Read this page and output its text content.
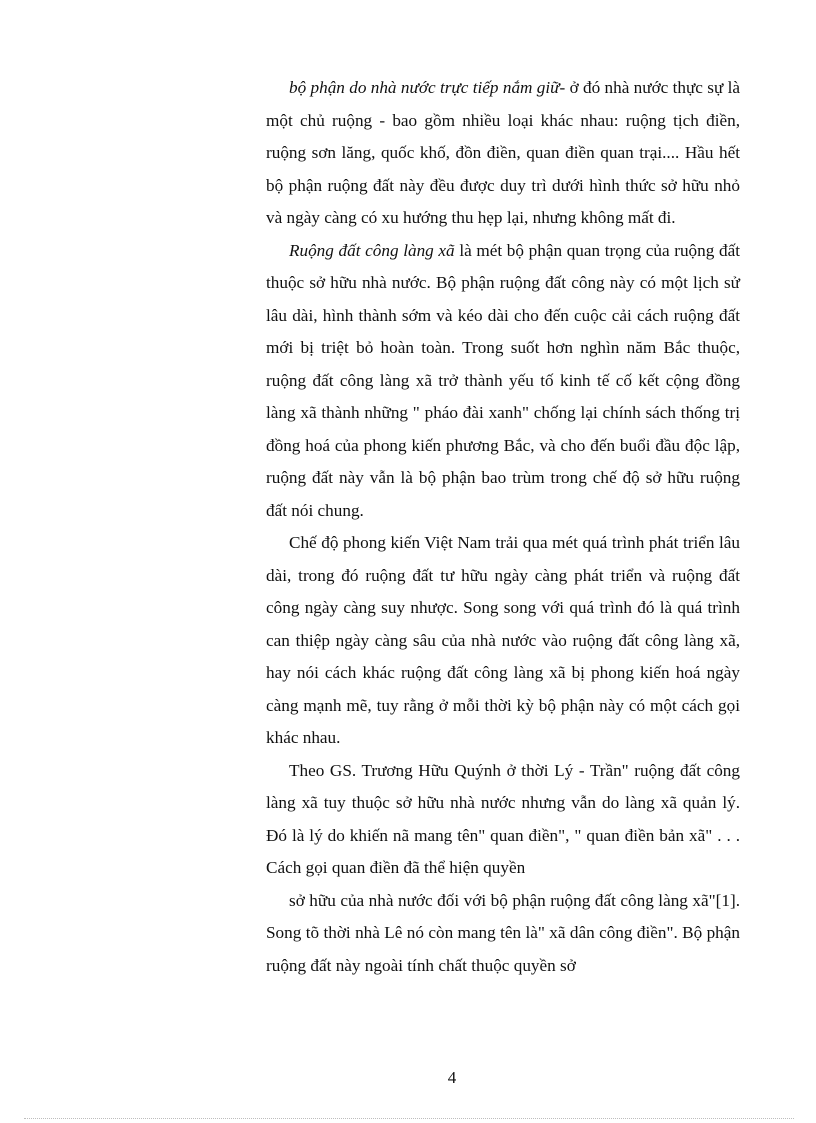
bộ phận do nhà nước trực tiếp nắm giữ- ở đó nhà nước thực sự là một chủ ruộng - bao gồm nhiều loại khác nhau: ruộng tịch điền, ruộng sơn lăng, quốc khố, đồn điền, quan điền quan trại.... Hầu hết bộ phận ruộng đất này đều được duy trì dưới hình thức sở hữu nhỏ và ngày càng có xu hướng thu hẹp lại, nhưng không mất đi.

Ruộng đất công làng xã là mét bộ phận quan trọng của ruộng đất thuộc sở hữu nhà nước. Bộ phận ruộng đất công này có một lịch sử lâu dài, hình thành sớm và kéo dài cho đến cuộc cải cách ruộng đất mới bị triệt bỏ hoàn toàn. Trong suốt hơn nghìn năm Bắc thuộc, ruộng đất công làng xã trở thành yếu tố kinh tế cố kết cộng đồng làng xã thành những " pháo đài xanh" chống lại chính sách thống trị đồng hoá của phong kiến phương Bắc, và cho đến buổi đầu độc lập, ruộng đất này vẫn là bộ phận bao trùm trong chế độ sở hữu ruộng đất nói chung.

Chế độ phong kiến Việt Nam trải qua mét quá trình phát triển lâu dài, trong đó ruộng đất tư hữu ngày càng phát triển và ruộng đất công ngày càng suy nhược. Song song với quá trình đó là quá trình can thiệp ngày càng sâu của nhà nước vào ruộng đất công làng xã, hay nói cách khác ruộng đất công làng xã bị phong kiến hoá ngày càng mạnh mẽ, tuy rằng ở mỗi thời kỳ bộ phận này có một cách gọi khác nhau.

Theo GS. Trương Hữu Quýnh ở thời Lý - Trần" ruộng đất công làng xã tuy thuộc sở hữu nhà nước nhưng vẫn do làng xã quản lý. Đó là lý do khiến nã mang tên" quan điền", " quan điền bản xã" . . . Cách gọi quan điền đã thể hiện quyền

sở hữu của nhà nước đối với bộ phận ruộng đất công làng xã"[1]. Song tõ thời nhà Lê nó còn mang tên là" xã dân công điền". Bộ phận ruộng đất này ngoài tính chất thuộc quyền sở

4
